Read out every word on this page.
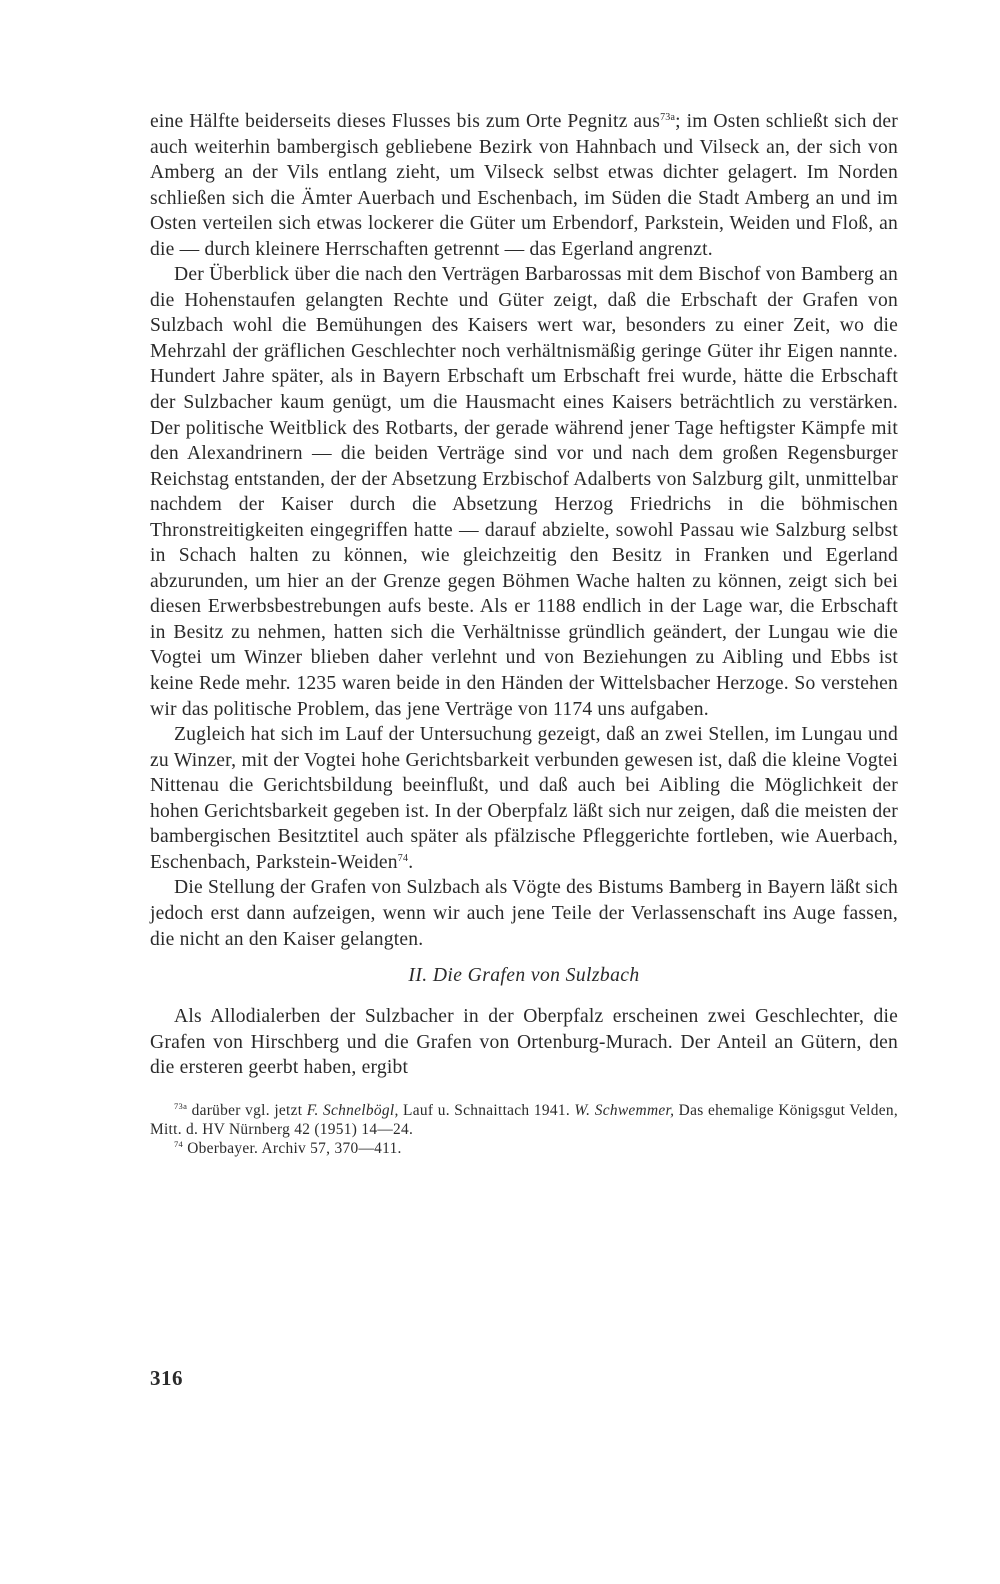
eine Hälfte beiderseits dieses Flusses bis zum Orte Pegnitz aus$^{73a}$; im Osten schließt sich der auch weiterhin bambergisch gebliebene Bezirk von Hahnbach und Vilseck an, der sich von Amberg an der Vils entlang zieht, um Vilseck selbst etwas dichter gelagert. Im Norden schließen sich die Ämter Auerbach und Eschenbach, im Süden die Stadt Amberg an und im Osten verteilen sich etwas lockerer die Güter um Erbendorf, Parkstein, Weiden und Floß, an die — durch kleinere Herrschaften getrennt — das Egerland angrenzt.

Der Überblick über die nach den Verträgen Barbarossas mit dem Bischof von Bamberg an die Hohenstaufen gelangten Rechte und Güter zeigt, daß die Erbschaft der Grafen von Sulzbach wohl die Bemühungen des Kaisers wert war, besonders zu einer Zeit, wo die Mehrzahl der gräflichen Geschlechter noch verhältnismäßig geringe Güter ihr Eigen nannte. Hundert Jahre später, als in Bayern Erbschaft um Erbschaft frei wurde, hätte die Erbschaft der Sulzbacher kaum genügt, um die Hausmacht eines Kaisers beträchtlich zu verstärken. Der politische Weitblick des Rotbarts, der gerade während jener Tage heftigster Kämpfe mit den Alexandrinern — die beiden Verträge sind vor und nach dem großen Regensburger Reichstag entstanden, der der Absetzung Erzbischof Adalberts von Salzburg gilt, unmittelbar nachdem der Kaiser durch die Absetzung Herzog Friedrichs in die böhmischen Thronstreitigkeiten eingegriffen hatte — darauf abzielte, sowohl Passau wie Salzburg selbst in Schach halten zu können, wie gleichzeitig den Besitz in Franken und Egerland abzurunden, um hier an der Grenze gegen Böhmen Wache halten zu können, zeigt sich bei diesen Erwerbsbestrebungen aufs beste. Als er 1188 endlich in der Lage war, die Erbschaft in Besitz zu nehmen, hatten sich die Verhältnisse gründlich geändert, der Lungau wie die Vogtei um Winzer blieben daher verlehnt und von Beziehungen zu Aibling und Ebbs ist keine Rede mehr. 1235 waren beide in den Händen der Wittelsbacher Herzoge. So verstehen wir das politische Problem, das jene Verträge von 1174 uns aufgaben.

Zugleich hat sich im Lauf der Untersuchung gezeigt, daß an zwei Stellen, im Lungau und zu Winzer, mit der Vogtei hohe Gerichtsbarkeit verbunden gewesen ist, daß die kleine Vogtei Nittenau die Gerichtsbildung beeinflußt, und daß auch bei Aibling die Möglichkeit der hohen Gerichtsbarkeit gegeben ist. In der Oberpfalz läßt sich nur zeigen, daß die meisten der bambergischen Besitztitel auch später als pfälzische Pfleggerichte fortleben, wie Auerbach, Eschenbach, Parkstein-Weiden$^{74}$.

Die Stellung der Grafen von Sulzbach als Vögte des Bistums Bamberg in Bayern läßt sich jedoch erst dann aufzeigen, wenn wir auch jene Teile der Verlassenschaft ins Auge fassen, die nicht an den Kaiser gelangten.

II. Die Grafen von Sulzbach

Als Allodialerben der Sulzbacher in der Oberpfalz erscheinen zwei Geschlechter, die Grafen von Hirschberg und die Grafen von Ortenburg-Murach. Der Anteil an Gütern, den die ersteren geerbt haben, ergibt

$^{73a}$ darüber vgl. jetzt F. Schnelbögl, Lauf u. Schnaittach 1941. W. Schwemmer, Das ehemalige Königsgut Velden, Mitt. d. HV Nürnberg 42 (1951) 14—24.

$^{74}$ Oberbayer. Archiv 57, 370—411.

316
